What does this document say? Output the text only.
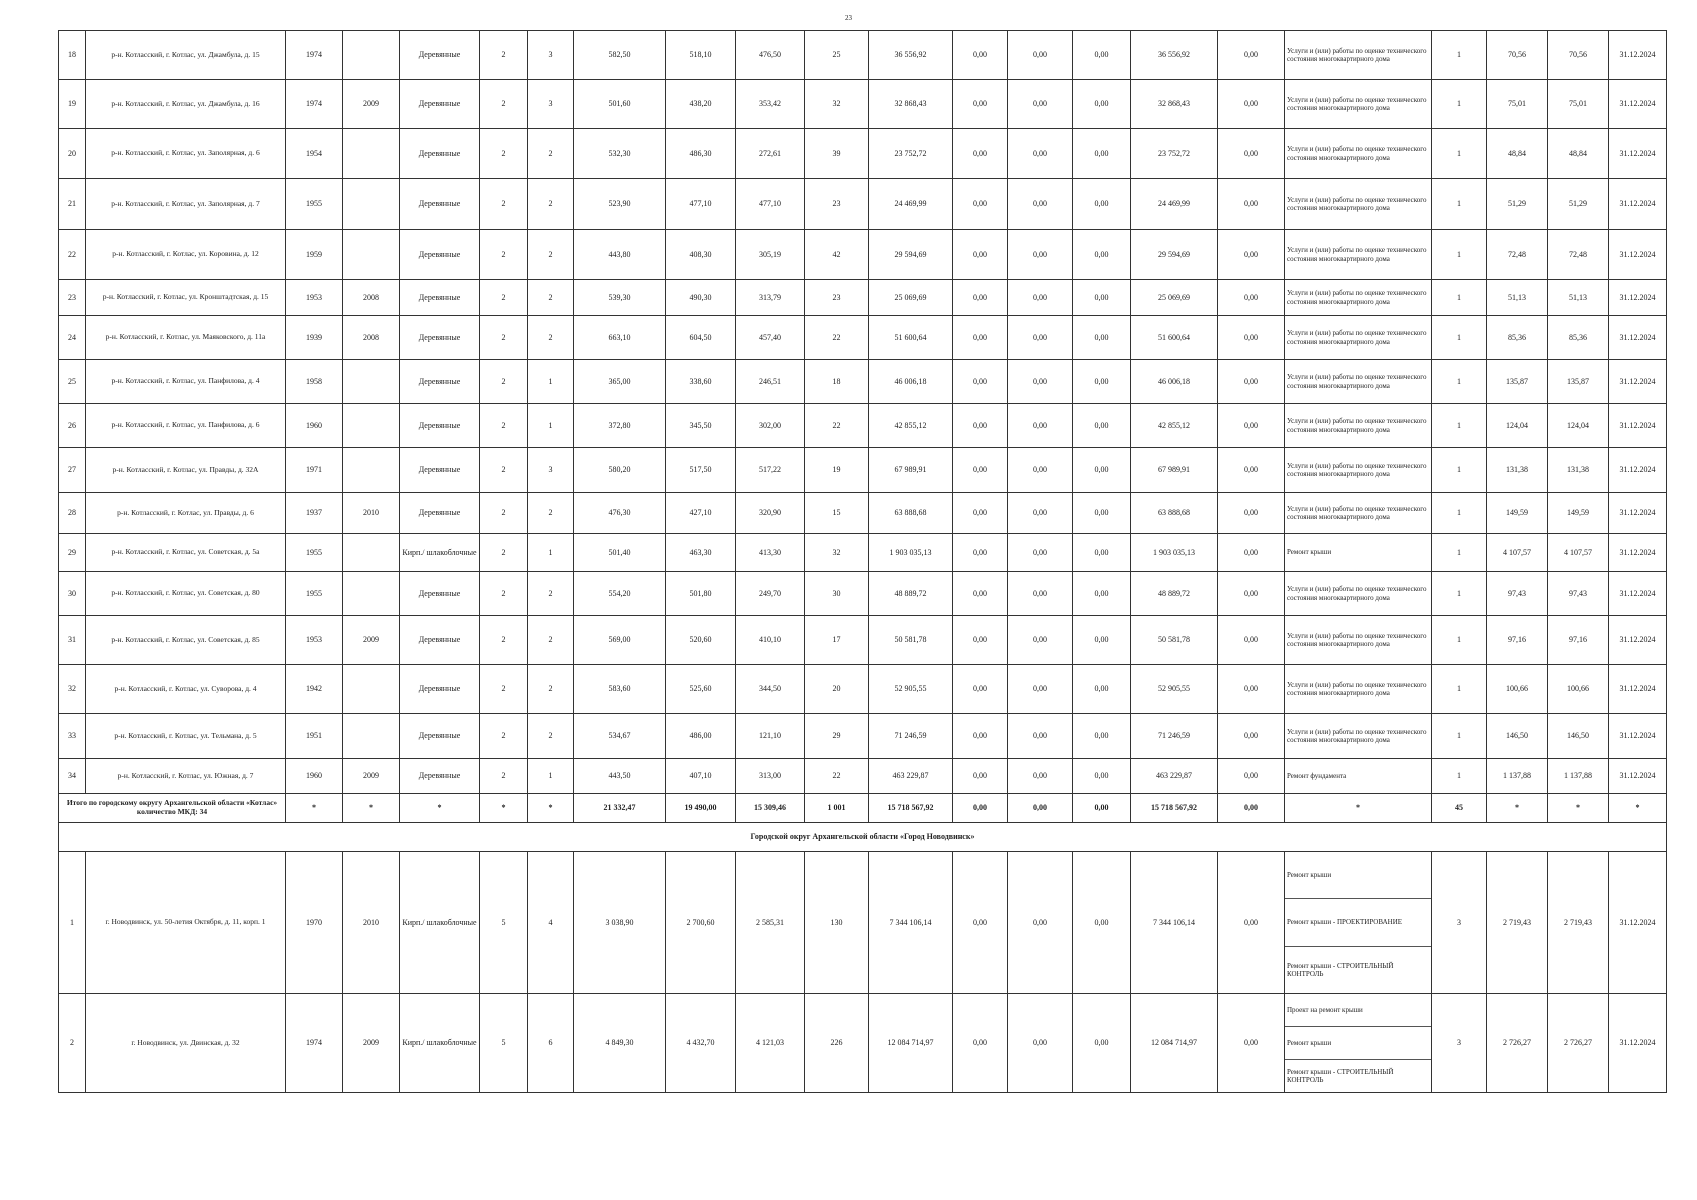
23
18	р-н. Котласский, г. Котлас, ул. Джамбула, д. 15	1974		Деревянные	2	3	582,50	518,10	476,50	25	36 556,92	0,00	0,00	0,00	36 556,92	0,00	Услуги и (или) работы по оценке технического состояния многоквартирного дома	1	70,56	70,56	31.12.2024
19	р-н. Котласский, г. Котлас, ул. Джамбула, д. 16	1974	2009	Деревянные	2	3	501,60	438,20	353,42	32	32 868,43	0,00	0,00	0,00	32 868,43	0,00	Услуги и (или) работы по оценке технического состояния многоквартирного дома	1	75,01	75,01	31.12.2024
20	р-н. Котласский, г. Котлас, ул. Заполярная, д. 6	1954		Деревянные	2	2	532,30	486,30	272,61	39	23 752,72	0,00	0,00	0,00	23 752,72	0,00	Услуги и (или) работы по оценке технического состояния многоквартирного дома	1	48,84	48,84	31.12.2024
21	р-н. Котласский, г. Котлас, ул. Заполярная, д. 7	1955		Деревянные	2	2	523,90	477,10	477,10	23	24 469,99	0,00	0,00	0,00	24 469,99	0,00	Услуги и (или) работы по оценке технического состояния многоквартирного дома	1	51,29	51,29	31.12.2024
22	р-н. Котласский, г. Котлас, ул. Коровина, д. 12	1959		Деревянные	2	2	443,80	408,30	305,19	42	29 594,69	0,00	0,00	0,00	29 594,69	0,00	Услуги и (или) работы по оценке технического состояния многоквартирного дома	1	72,48	72,48	31.12.2024
23	р-н. Котласский, г. Котлас, ул. Кронштадтская, д. 15	1953	2008	Деревянные	2	2	539,30	490,30	313,79	23	25 069,69	0,00	0,00	0,00	25 069,69	0,00	Услуги и (или) работы по оценке технического состояния многоквартирного дома	1	51,13	51,13	31.12.2024
24	р-н. Котласский, г. Котлас, ул. Маяковского, д. 11а	1939	2008	Деревянные	2	2	663,10	604,50	457,40	22	51 600,64	0,00	0,00	0,00	51 600,64	0,00	Услуги и (или) работы по оценке технического состояния многоквартирного дома	1	85,36	85,36	31.12.2024
25	р-н. Котласский, г. Котлас, ул. Панфилова, д. 4	1958		Деревянные	2	1	365,00	338,60	246,51	18	46 006,18	0,00	0,00	0,00	46 006,18	0,00	Услуги и (или) работы по оценке технического состояния многоквартирного дома	1	135,87	135,87	31.12.2024
26	р-н. Котласский, г. Котлас, ул. Панфилова, д. 6	1960		Деревянные	2	1	372,80	345,50	302,00	22	42 855,12	0,00	0,00	0,00	42 855,12	0,00	Услуги и (или) работы по оценке технического состояния многоквартирного дома	1	124,04	124,04	31.12.2024
27	р-н. Котласский, г. Котлас, ул. Правды, д. 32А	1971		Деревянные	2	3	580,20	517,50	517,22	19	67 989,91	0,00	0,00	0,00	67 989,91	0,00	Услуги и (или) работы по оценке технического состояния многоквартирного дома	1	131,38	131,38	31.12.2024
28	р-н. Котласский, г. Котлас, ул. Правды, д. 6	1937	2010	Деревянные	2	2	476,30	427,10	320,90	15	63 888,68	0,00	0,00	0,00	63 888,68	0,00	Услуги и (или) работы по оценке технического состояния многоквартирного дома	1	149,59	149,59	31.12.2024
29	р-н. Котласский, г. Котлас, ул. Советская, д. 5а	1955		Кирп./ шлакоблочные	2	1	501,40	463,30	413,30	32	1 903 035,13	0,00	0,00	0,00	1 903 035,13	0,00	Ремонт крыши	1	4 107,57	4 107,57	31.12.2024
30	р-н. Котласский, г. Котлас, ул. Советская, д. 80	1955		Деревянные	2	2	554,20	501,80	249,70	30	48 889,72	0,00	0,00	0,00	48 889,72	0,00	Услуги и (или) работы по оценке технического состояния многоквартирного дома	1	97,43	97,43	31.12.2024
31	р-н. Котласский, г. Котлас, ул. Советская, д. 85	1953	2009	Деревянные	2	2	569,00	520,60	410,10	17	50 581,78	0,00	0,00	0,00	50 581,78	0,00	Услуги и (или) работы по оценке технического состояния многоквартирного дома	1	97,16	97,16	31.12.2024
32	р-н. Котласский, г. Котлас, ул. Суворова, д. 4	1942		Деревянные	2	2	583,60	525,60	344,50	20	52 905,55	0,00	0,00	0,00	52 905,55	0,00	Услуги и (или) работы по оценке технического состояния многоквартирного дома	1	100,66	100,66	31.12.2024
33	р-н. Котласский, г. Котлас, ул. Тельмана, д. 5	1951		Деревянные	2	2	534,67	486,00	121,10	29	71 246,59	0,00	0,00	0,00	71 246,59	0,00	Услуги и (или) работы по оценке технического состояния многоквартирного дома	1	146,50	146,50	31.12.2024
34	р-н. Котласский, г. Котлас, ул. Южная, д. 7	1960	2009	Деревянные	2	1	443,50	407,10	313,00	22	463 229,87	0,00	0,00	0,00	463 229,87	0,00	Ремонт фундамента	1	1 137,88	1 137,88	31.12.2024
Итого по городскому округу Архангельской области «Котлас» количество МКД: 34		*	*	*	*	*	21 332,47	19 490,00	15 309,46	1 001	15 718 567,92	0,00	0,00	0,00	15 718 567,92	0,00	*	45	*	*	*
Городской округ Архангельской области «Город Новодвинск»																					
1	г. Новодвинск, ул. 50-летия Октября, д. 11, корп. 1	1970	2010	Кирп./ шлакоблочные	5	4	3 038,90	2 700,60	2 585,31	130	7 344 106,14	0,00	0,00	0,00	7 344 106,14	0,00	Ремонт крыши
Ремонт крыши - ПРОЕКТИРОВАНИЕ
Ремонт крыши - СТРОИТЕЛЬНЫЙ КОНТРОЛЬ	3	2 719,43	2 719,43	31.12.2024
2	г. Новодвинск, ул. Двинская, д. 32	1974	2009	Кирп./ шлакоблочные	5	6	4 849,30	4 432,70	4 121,03	226	12 084 714,97	0,00	0,00	0,00	12 084 714,97	0,00	Проект на ремонт крыши
Ремонт крыши
Ремонт крыши - СТРОИТЕЛЬНЫЙ КОНТРОЛЬ	3	2 726,27	2 726,27	31.12.2024
